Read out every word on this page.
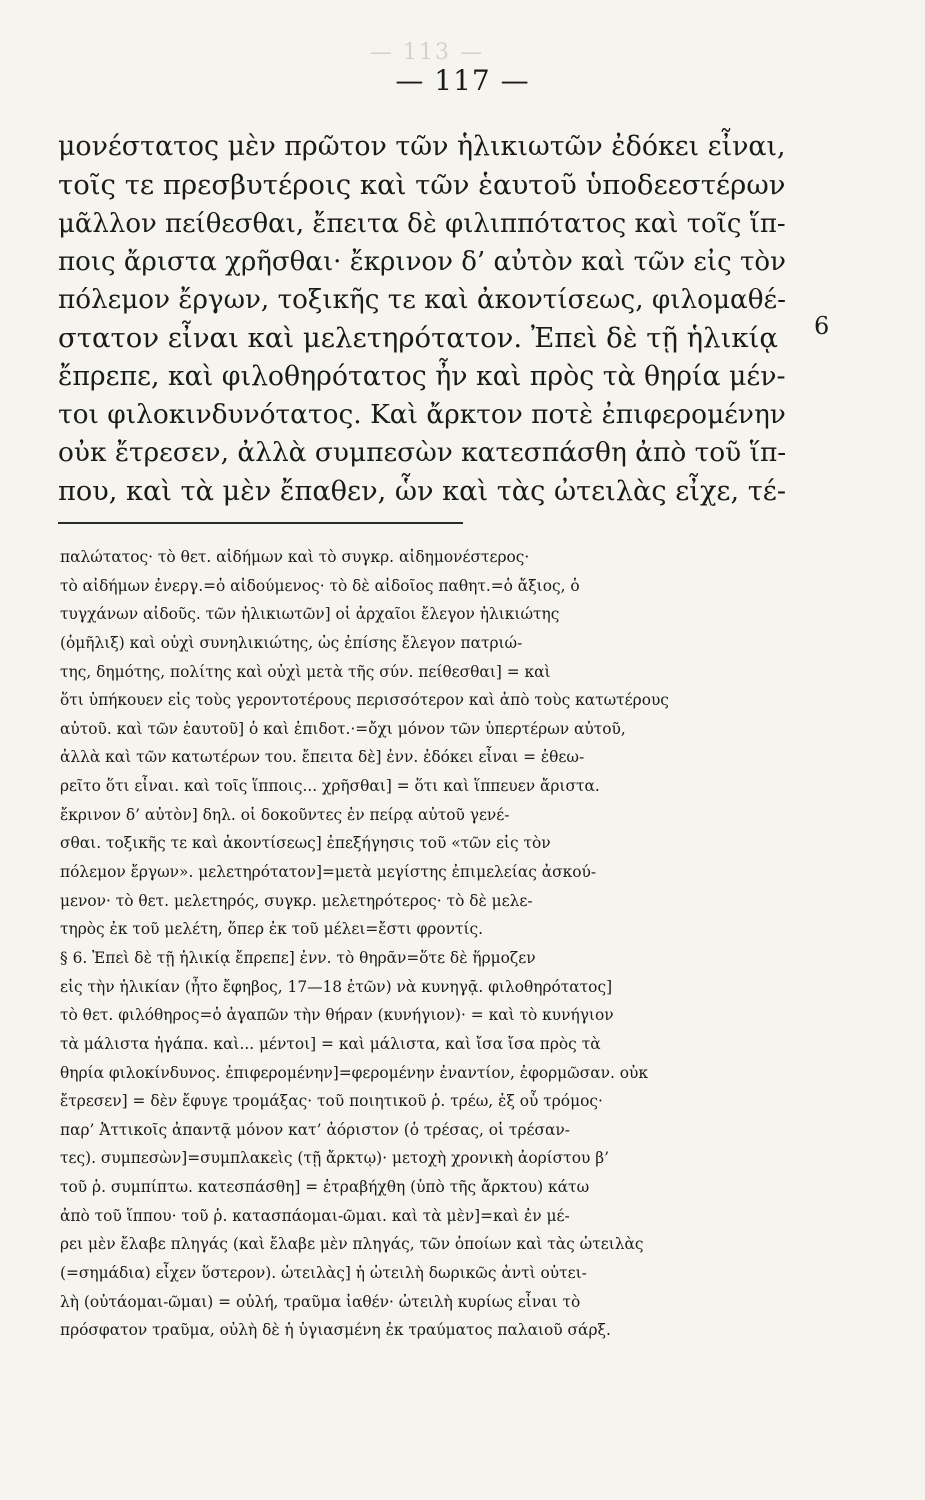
— 113 —
— 117 —
μονέστατος μὲν πρῶτον τῶν ἡλικιωτῶν ἐδόκει εἶναι,
τοῖς τε πρεσβυτέροις καὶ τῶν ἑαυτοῦ ὑποδεεστέρων
μᾶλλον πείθεσθαι, ἔπειτα δὲ φιλιππότατος καὶ τοῖς ἵπ-
ποις ἄριστα χρῆσθαι· ἔκρινον δ’ αὐτὸν καὶ τῶν εἰς τὸν
πόλεμον ἔργων, τοξικῆς τε καὶ ἀκοντίσεως, φιλομαθέ-
στατον εἶναι καὶ μελετηρότατον. Ἐπεὶ δὲ τῇ ἡλικίᾳ
ἔπρεπε, καὶ φιλοθηρότατος ἦν καὶ πρὸς τὰ θηρία μέν-
τοι φιλοκινδυνότατος. Καὶ ἄρκτον ποτὲ ἐπιφερομένην
οὐκ ἔτρεσεν, ἀλλὰ συμπεσὼν κατεσπάσθη ἀπὸ τοῦ ἵπ-
που, καὶ τὰ μὲν ἔπαθεν, ὧν καὶ τὰς ὠτειλὰς εἶχε, τέ-
6
παλώτατος· τὸ θετ. αἰδήμων καὶ τὸ συγκρ. αἰδημονέστερος·
τὸ αἰδήμων ἐνεργ.=ὁ αἰδούμενος· τὸ δὲ αἰδοῖος παθητ.=ὁ ἄξιος, ὁ
τυγχάνων αἰδοῦς. τῶν ἡλικιωτῶν] οἱ ἀρχαῖοι ἔλεγον ἡλικιώτης
(ὁμῆλιξ) καὶ οὐχὶ συνηλικιώτης, ὡς ἐπίσης ἔλεγον πατριώ-
της, δημότης, πολίτης καὶ οὐχὶ μετὰ τῆς σύν. πείθεσθαι] = καὶ
ὅτι ὑπήκουεν εἰς τοὺς γεροντοτέρους περισσότερον καὶ ἀπὸ τοὺς κατωτέρους
αὐτοῦ. καὶ τῶν ἑαυτοῦ] ὁ καὶ ἐπιδοτ.·=ὄχι μόνον τῶν ὑπερτέρων αὐτοῦ,
ἀλλὰ καὶ τῶν κατωτέρων του. ἔπειτα δὲ] ἐνν. ἐδόκει εἶναι = ἐθεω-
ρεῖτο ὅτι εἶναι. καὶ τοῖς ἵπποις... χρῆσθαι] = ὅτι καὶ ἵππευεν ἄριστα.
ἔκρινον δ’ αὐτὸν] δηλ. οἱ δοκοῦντες ἐν πείρᾳ αὐτοῦ γενέ-
σθαι. τοξικῆς τε καὶ ἀκοντίσεως] ἐπεξήγησις τοῦ «τῶν εἰς τὸν
πόλεμον ἔργων». μελετηρότατον]=μετὰ μεγίστης ἐπιμελείας ἀσκού-
μενον· τὸ θετ. μελετηρός, συγκρ. μελετηρότερος· τὸ δὲ μελε-
τηρὸς ἐκ τοῦ μελέτη, ὅπερ ἐκ τοῦ μέλει=ἔστι φροντίς.
§ 6. Ἐπεὶ δὲ τῇ ἡλικίᾳ ἔπρεπε] ἐνν. τὸ θηρᾶν=ὅτε δὲ ἥρμοζεν
εἰς τὴν ἡλικίαν (ἦτο ἔφηβος, 17—18 ἐτῶν) νὰ κυνηγᾷ. φιλοθηρότατος]
τὸ θετ. φιλόθηρος=ὁ ἀγαπῶν τὴν θήραν (κυνήγιον)· = καὶ τὸ κυνήγιον
τὰ μάλιστα ἠγάπα. καὶ... μέντοι] = καὶ μάλιστα, καὶ ἴσα ἴσα πρὸς τὰ
θηρία φιλοκίνδυνος. ἐπιφερομένην]=φερομένην ἐναντίον, ἐφορμῶσαν. οὐκ
ἔτρεσεν] = δὲν ἔφυγε τρομάξας· τοῦ ποιητικοῦ ῥ. τρέω, ἐξ οὗ τρόμος·
παρ’ Ἀττικοῖς ἀπαντᾷ μόνον κατ’ ἀόριστον (ὁ τρέσας, οἱ τρέσαν-
τες). συμπεσὼν]=συμπλακεὶς (τῇ ἄρκτῳ)· μετοχὴ χρονικὴ ἀορίστου β’
τοῦ ῥ. συμπίπτω. κατεσπάσθη] = ἐτραβήχθη (ὑπὸ τῆς ἄρκτου) κάτω
ἀπὸ τοῦ ἵππου· τοῦ ῥ. κατασπάομαι-ῶμαι. καὶ τὰ μὲν]=καὶ ἐν μέ-
ρει μὲν ἔλαβε πληγάς (καὶ ἔλαβε μὲν πληγάς, τῶν ὁποίων καὶ τὰς ὠτειλὰς
(=σημάδια) εἶχεν ὕστερον). ὠτειλὰς] ἡ ὠτειλὴ δωρικῶς ἀντὶ οὐτει-
λὴ (οὐτάομαι-ῶμαι) = οὐλή, τραῦμα ἰαθέν· ὠτειλὴ κυρίως εἶναι τὸ
πρόσφατον τραῦμα, οὐλὴ δὲ ἡ ὑγιασμένη ἐκ τραύματος παλαιοῦ σάρξ.
